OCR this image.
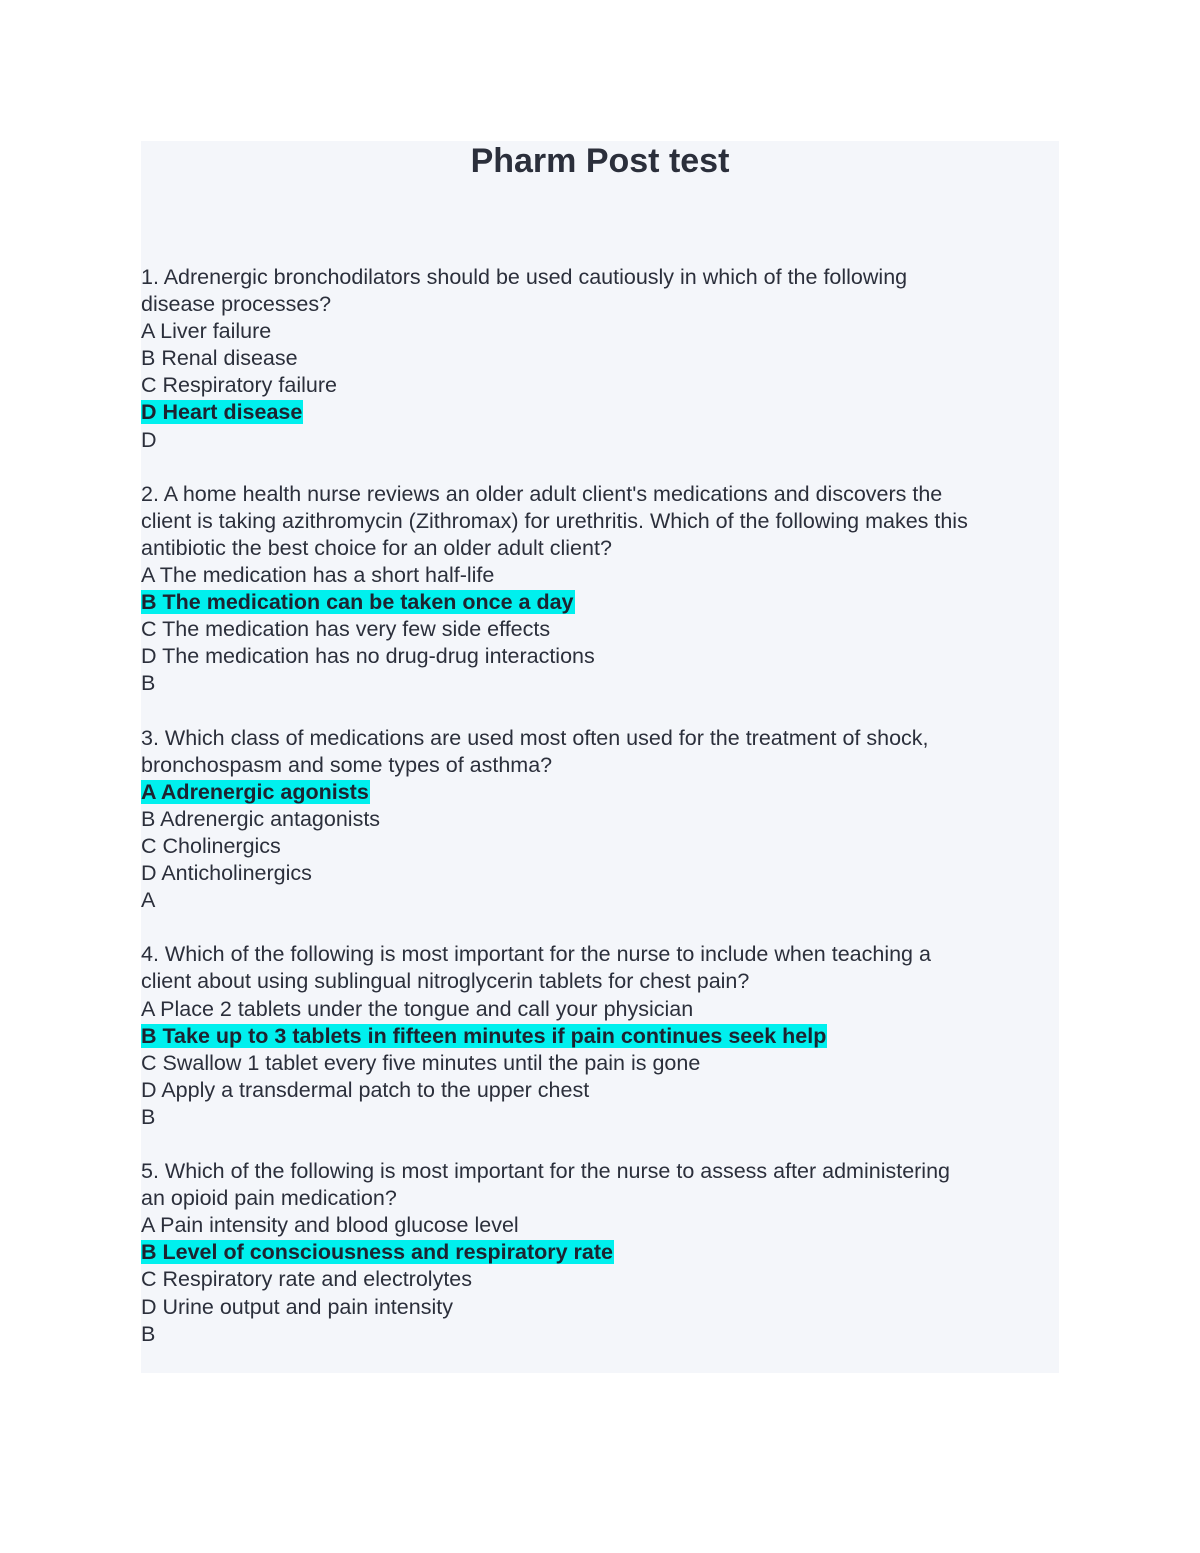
Pharm Post test
1. Adrenergic bronchodilators should be used cautiously in which of the following
disease processes?
A Liver failure
B Renal disease
C Respiratory failure
D Heart disease
D
2. A home health nurse reviews an older adult client's medications and discovers the
client is taking azithromycin (Zithromax) for urethritis. Which of the following makes this
antibiotic the best choice for an older adult client?
A The medication has a short half-life
B The medication can be taken once a day
C The medication has very few side effects
D The medication has no drug-drug interactions
B
3. Which class of medications are used most often used for the treatment of shock,
bronchospasm and some types of asthma?
A Adrenergic agonists
B Adrenergic antagonists
C Cholinergics
D Anticholinergics
A
4. Which of the following is most important for the nurse to include when teaching a
client about using sublingual nitroglycerin tablets for chest pain?
A Place 2 tablets under the tongue and call your physician
B Take up to 3 tablets in fifteen minutes if pain continues seek help
C Swallow 1 tablet every five minutes until the pain is gone
D Apply a transdermal patch to the upper chest
B
5. Which of the following is most important for the nurse to assess after administering
an opioid pain medication?
A Pain intensity and blood glucose level
B Level of consciousness and respiratory rate
C Respiratory rate and electrolytes
D Urine output and pain intensity
B
